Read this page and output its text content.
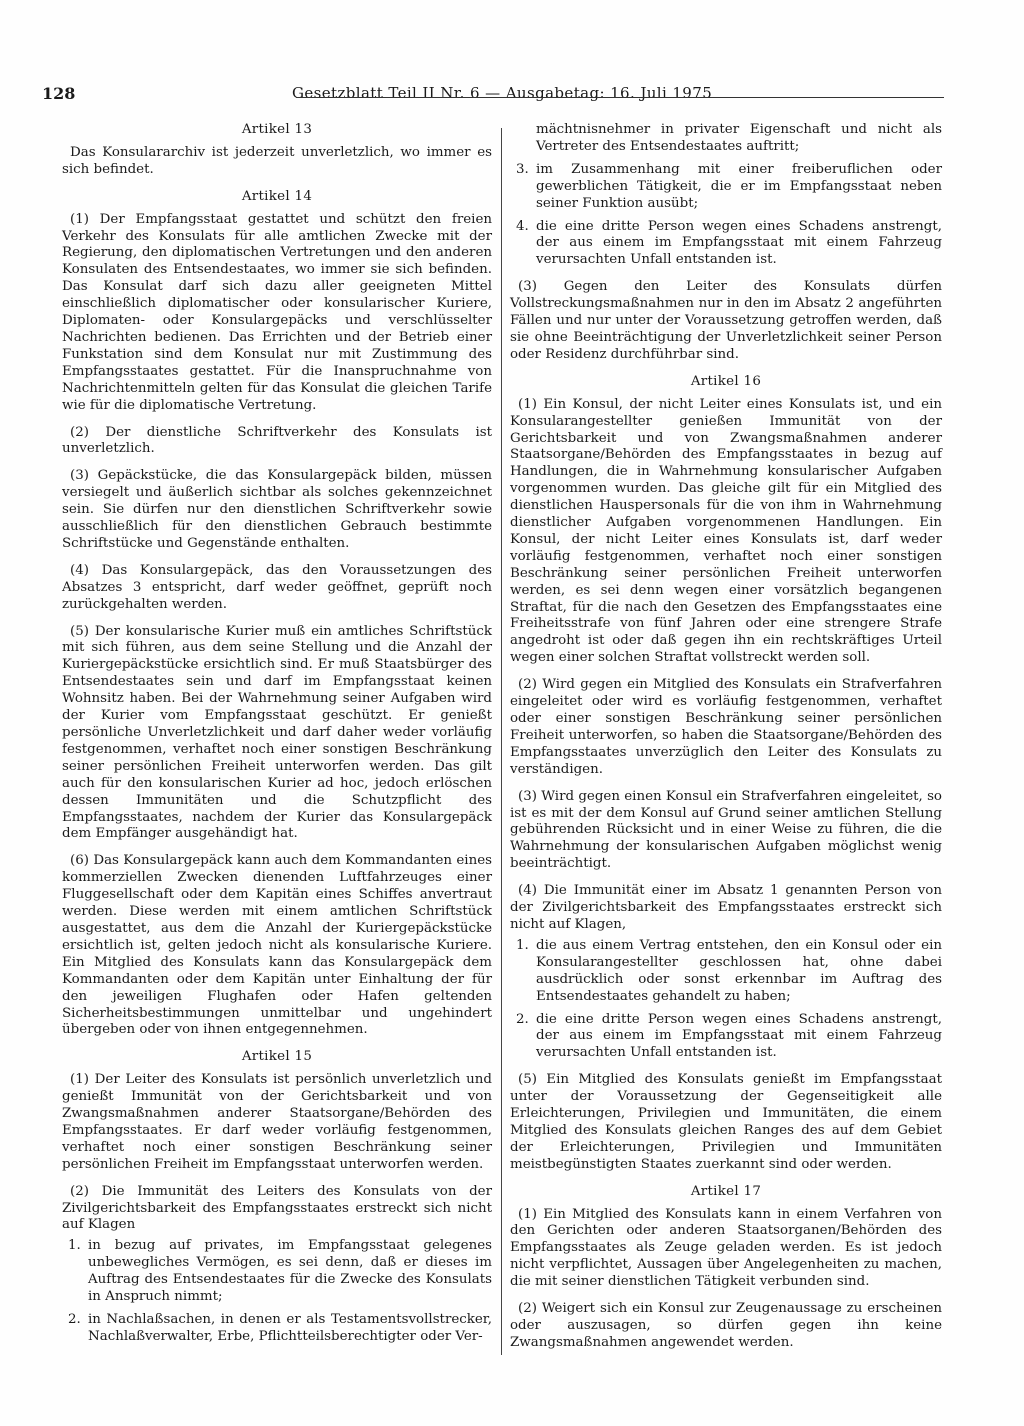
128	Gesetzblatt Teil II Nr. 6 — Ausgabetag: 16. Juli 1975
Artikel 13

Das Konsulararchiv ist jederzeit unverletzlich, wo immer es sich befindet.

Artikel 14

(1) Der Empfangsstaat gestattet und schützt den freien Verkehr des Konsulats für alle amtlichen Zwecke mit der Regierung, den diplomatischen Vertretungen und den anderen Konsulaten des Entsendestaates, wo immer sie sich befinden. Das Konsulat darf sich dazu aller geeigneten Mittel einschließlich diplomatischer oder konsularischer Kuriere, Diplomaten- oder Konsulargepäcks und verschlüsselter Nachrichten bedienen. Das Errichten und der Betrieb einer Funkstation sind dem Konsulat nur mit Zustimmung des Empfangsstaates gestattet. Für die Inanspruchnahme von Nachrichtenmitteln gelten für das Konsulat die gleichen Tarife wie für die diplomatische Vertretung.

(2) Der dienstliche Schriftverkehr des Konsulats ist unverletzlich.

(3) Gepäckstücke, die das Konsulargepäck bilden, müssen versiegelt und äußerlich sichtbar als solches gekennzeichnet sein. Sie dürfen nur den dienstlichen Schriftverkehr sowie ausschließlich für den dienstlichen Gebrauch bestimmte Schriftstücke und Gegenstände enthalten.

(4) Das Konsulargepäck, das den Voraussetzungen des Absatzes 3 entspricht, darf weder geöffnet, geprüft noch zurückgehalten werden.

(5) Der konsularische Kurier muß ein amtliches Schriftstück mit sich führen, aus dem seine Stellung und die Anzahl der Kuriergepäckstücke ersichtlich sind. Er muß Staatsbürger des Entsendestaates sein und darf im Empfangsstaat keinen Wohnsitz haben. Bei der Wahrnehmung seiner Aufgaben wird der Kurier vom Empfangsstaat geschützt. Er genießt persönliche Unverletzlichkeit und darf daher weder vorläufig festgenommen, verhaftet noch einer sonstigen Beschränkung seiner persönlichen Freiheit unterworfen werden. Das gilt auch für den konsularischen Kurier ad hoc, jedoch erlöschen dessen Immunitäten und die Schutzpflicht des Empfangsstaates, nachdem der Kurier das Konsulargepäck dem Empfänger ausgehändigt hat.

(6) Das Konsulargepäck kann auch dem Kommandanten eines kommerziellen Zwecken dienenden Luftfahrzeuges einer Fluggesellschaft oder dem Kapitän eines Schiffes anvertraut werden. Diese werden mit einem amtlichen Schriftstück ausgestattet, aus dem die Anzahl der Kuriergepäckstücke ersichtlich ist, gelten jedoch nicht als konsularische Kuriere. Ein Mitglied des Konsulats kann das Konsulargepäck dem Kommandanten oder dem Kapitän unter Einhaltung der für den jeweiligen Flughafen oder Hafen geltenden Sicherheitsbestimmungen unmittelbar und ungehindert übergeben oder von ihnen entgegennehmen.

Artikel 15

(1) Der Leiter des Konsulats ist persönlich unverletzlich und genießt Immunität von der Gerichtsbarkeit und von Zwangsmaßnahmen anderer Staatsorgane/Behörden des Empfangsstaates. Er darf weder vorläufig festgenommen, verhaftet noch einer sonstigen Beschränkung seiner persönlichen Freiheit im Empfangsstaat unterworfen werden.

(2) Die Immunität des Leiters des Konsulats von der Zivilgerichtsbarkeit des Empfangsstaates erstreckt sich nicht auf Klagen

1. in bezug auf privates, im Empfangsstaat gelegenes unbewegliches Vermögen, es sei denn, daß er dieses im Auftrag des Entsendestaates für die Zwecke des Konsulats in Anspruch nimmt;
2. in Nachlaßsachen, in denen er als Testamentsvollstrecker, Nachlaßverwalter, Erbe, Pflichtteilsberechtigter oder Ver-
mächtnisnehmer in privater Eigenschaft und nicht als Vertreter des Entsendestaates auftritt;
3. im Zusammenhang mit einer freiberuflichen oder gewerblichen Tätigkeit, die er im Empfangsstaat neben seiner Funktion ausübt;
4. die eine dritte Person wegen eines Schadens anstrengt, der aus einem im Empfangsstaat mit einem Fahrzeug verursachten Unfall entstanden ist.

(3) Gegen den Leiter des Konsulats dürfen Vollstreckungsmaßnahmen nur in den im Absatz 2 angeführten Fällen und nur unter der Voraussetzung getroffen werden, daß sie ohne Beeinträchtigung der Unverletzlichkeit seiner Person oder Residenz durchführbar sind.

Artikel 16

(1) Ein Konsul, der nicht Leiter eines Konsulats ist, und ein Konsularangestellter genießen Immunität von der Gerichtsbarkeit und von Zwangsmaßnahmen anderer Staatsorgane/Behörden des Empfangsstaates in bezug auf Handlungen, die in Wahrnehmung konsularischer Aufgaben vorgenommen wurden. Das gleiche gilt für ein Mitglied des dienstlichen Hauspersonals für die von ihm in Wahrnehmung dienstlicher Aufgaben vorgenommenen Handlungen. Ein Konsul, der nicht Leiter eines Konsulats ist, darf weder vorläufig festgenommen, verhaftet noch einer sonstigen Beschränkung seiner persönlichen Freiheit unterworfen werden, es sei denn wegen einer vorsätzlich begangenen Straftat, für die nach den Gesetzen des Empfangsstaates eine Freiheitsstrafe von fünf Jahren oder eine strengere Strafe angedroht ist oder daß gegen ihn ein rechtskräftiges Urteil wegen einer solchen Straftat vollstreckt werden soll.

(2) Wird gegen ein Mitglied des Konsulats ein Strafverfahren eingeleitet oder wird es vorläufig festgenommen, verhaftet oder einer sonstigen Beschränkung seiner persönlichen Freiheit unterworfen, so haben die Staatsorgane/Behörden des Empfangsstaates unverzüglich den Leiter des Konsulats zu verständigen.

(3) Wird gegen einen Konsul ein Strafverfahren eingeleitet, so ist es mit der dem Konsul auf Grund seiner amtlichen Stellung gebührenden Rücksicht und in einer Weise zu führen, die die Wahrnehmung der konsularischen Aufgaben möglichst wenig beeinträchtigt.

(4) Die Immunität einer im Absatz 1 genannten Person von der Zivilgerichtsbarkeit des Empfangsstaates erstreckt sich nicht auf Klagen,

1. die aus einem Vertrag entstehen, den ein Konsul oder ein Konsularangestellter geschlossen hat, ohne dabei ausdrücklich oder sonst erkennbar im Auftrag des Entsendestaates gehandelt zu haben;
2. die eine dritte Person wegen eines Schadens anstrengt, der aus einem im Empfangsstaat mit einem Fahrzeug verursachten Unfall entstanden ist.

(5) Ein Mitglied des Konsulats genießt im Empfangsstaat unter der Voraussetzung der Gegenseitigkeit alle Erleichterungen, Privilegien und Immunitäten, die einem Mitglied des Konsulats gleichen Ranges des auf dem Gebiet der Erleichterungen, Privilegien und Immunitäten meistbegünstigten Staates zuerkannt sind oder werden.

Artikel 17

(1) Ein Mitglied des Konsulats kann in einem Verfahren von den Gerichten oder anderen Staatsorganen/Behörden des Empfangsstaates als Zeuge geladen werden. Es ist jedoch nicht verpflichtet, Aussagen über Angelegenheiten zu machen, die mit seiner dienstlichen Tätigkeit verbunden sind.

(2) Weigert sich ein Konsul zur Zeugenaussage zu erscheinen oder auszusagen, so dürfen gegen ihn keine Zwangsmaßnahmen angewendet werden.
